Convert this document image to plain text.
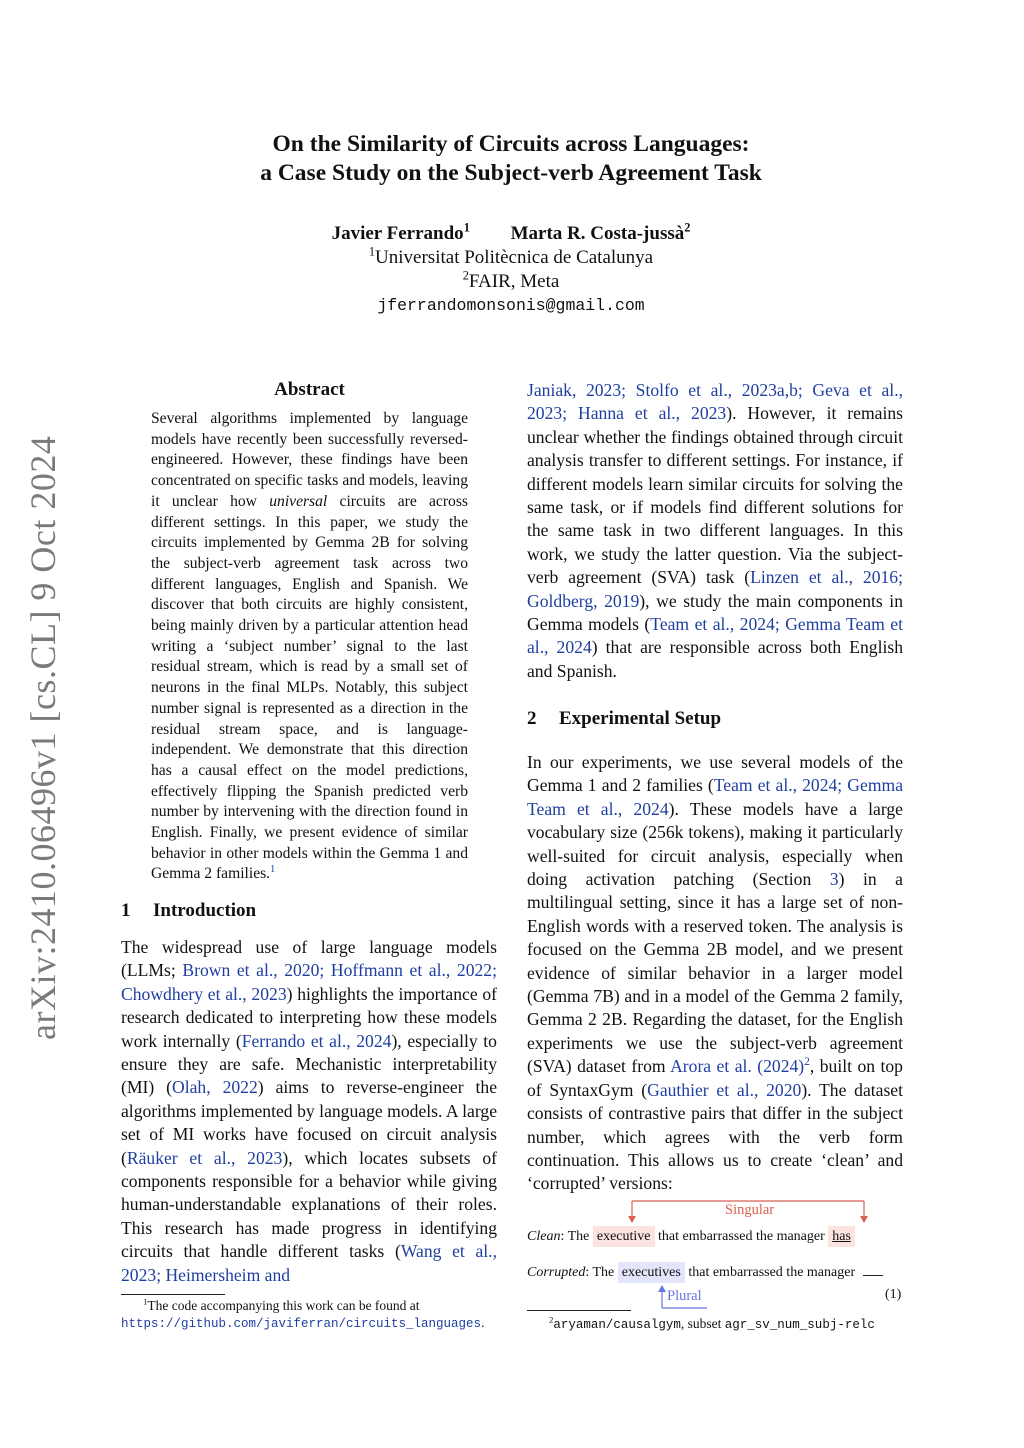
arXiv:2410.06496v1 [cs.CL] 9 Oct 2024
On the Similarity of Circuits across Languages:
a Case Study on the Subject-verb Agreement Task
Javier Ferrando$^1$ Marta R. Costa-jussà$^2$
$^1$Universitat Politècnica de Catalunya
$^2$FAIR, Meta
jferrandomonsonis@gmail.com
Abstract
Several algorithms implemented by language models have recently been successfully reversed-engineered. However, these findings have been concentrated on specific tasks and models, leaving it unclear how universal circuits are across different settings. In this paper, we study the circuits implemented by Gemma 2B for solving the subject-verb agreement task across two different languages, English and Spanish. We discover that both circuits are highly consistent, being mainly driven by a particular attention head writing a ‘subject number’ signal to the last residual stream, which is read by a small set of neurons in the final MLPs. Notably, this subject number signal is represented as a direction in the residual stream space, and is language-independent. We demonstrate that this direction has a causal effect on the model predictions, effectively flipping the Spanish predicted verb number by intervening with the direction found in English. Finally, we present evidence of similar behavior in other models within the Gemma 1 and Gemma 2 families.$^1$
1 Introduction
The widespread use of large language models (LLMs; Brown et al., 2020; Hoffmann et al., 2022; Chowdhery et al., 2023) highlights the importance of research dedicated to interpreting how these models work internally (Ferrando et al., 2024), especially to ensure they are safe. Mechanistic interpretability (MI) (Olah, 2022) aims to reverse-engineer the algorithms implemented by language models. A large set of MI works have focused on circuit analysis (Räuker et al., 2023), which locates subsets of components responsible for a behavior while giving human-understandable explanations of their roles. This research has made progress in identifying circuits that handle different tasks (Wang et al., 2023; Heimersheim and
$^1$The code accompanying this work can be found at
https://github.com/javiferran/circuits_languages.
Janiak, 2023; Stolfo et al., 2023a,b; Geva et al., 2023; Hanna et al., 2023). However, it remains unclear whether the findings obtained through circuit analysis transfer to different settings. For instance, if different models learn similar circuits for solving the same task, or if models find different solutions for the same task in two different languages. In this work, we study the latter question. Via the subject-verb agreement (SVA) task (Linzen et al., 2016; Goldberg, 2019), we study the main components in Gemma models (Team et al., 2024; Gemma Team et al., 2024) that are responsible across both English and Spanish.
2 Experimental Setup
In our experiments, we use several models of the Gemma 1 and 2 families (Team et al., 2024; Gemma Team et al., 2024). These models have a large vocabulary size (256k tokens), making it particularly well-suited for circuit analysis, especially when doing activation patching (Section 3) in a multilingual setting, since it has a large set of non-English words with a reserved token. The analysis is focused on the Gemma 2B model, and we present evidence of similar behavior in a larger model (Gemma 7B) and in a model of the Gemma 2 family, Gemma 2 2B. Regarding the dataset, for the English experiments we use the subject-verb agreement (SVA) dataset from Arora et al. $(2024)^2$, built on top of SyntaxGym (Gauthier et al., 2020). The dataset consists of contrastive pairs that differ in the subject number, which agrees with the verb form continuation. This allows us to create ‘clean’ and ‘corrupted’ versions:
Singular
Clean: The executive that embarrassed the manager has
Corrupted: The executives that embarrassed the manager
Plural	(1)
$^2$aryaman/causalgym, subset agr_sv_num_subj-relc
